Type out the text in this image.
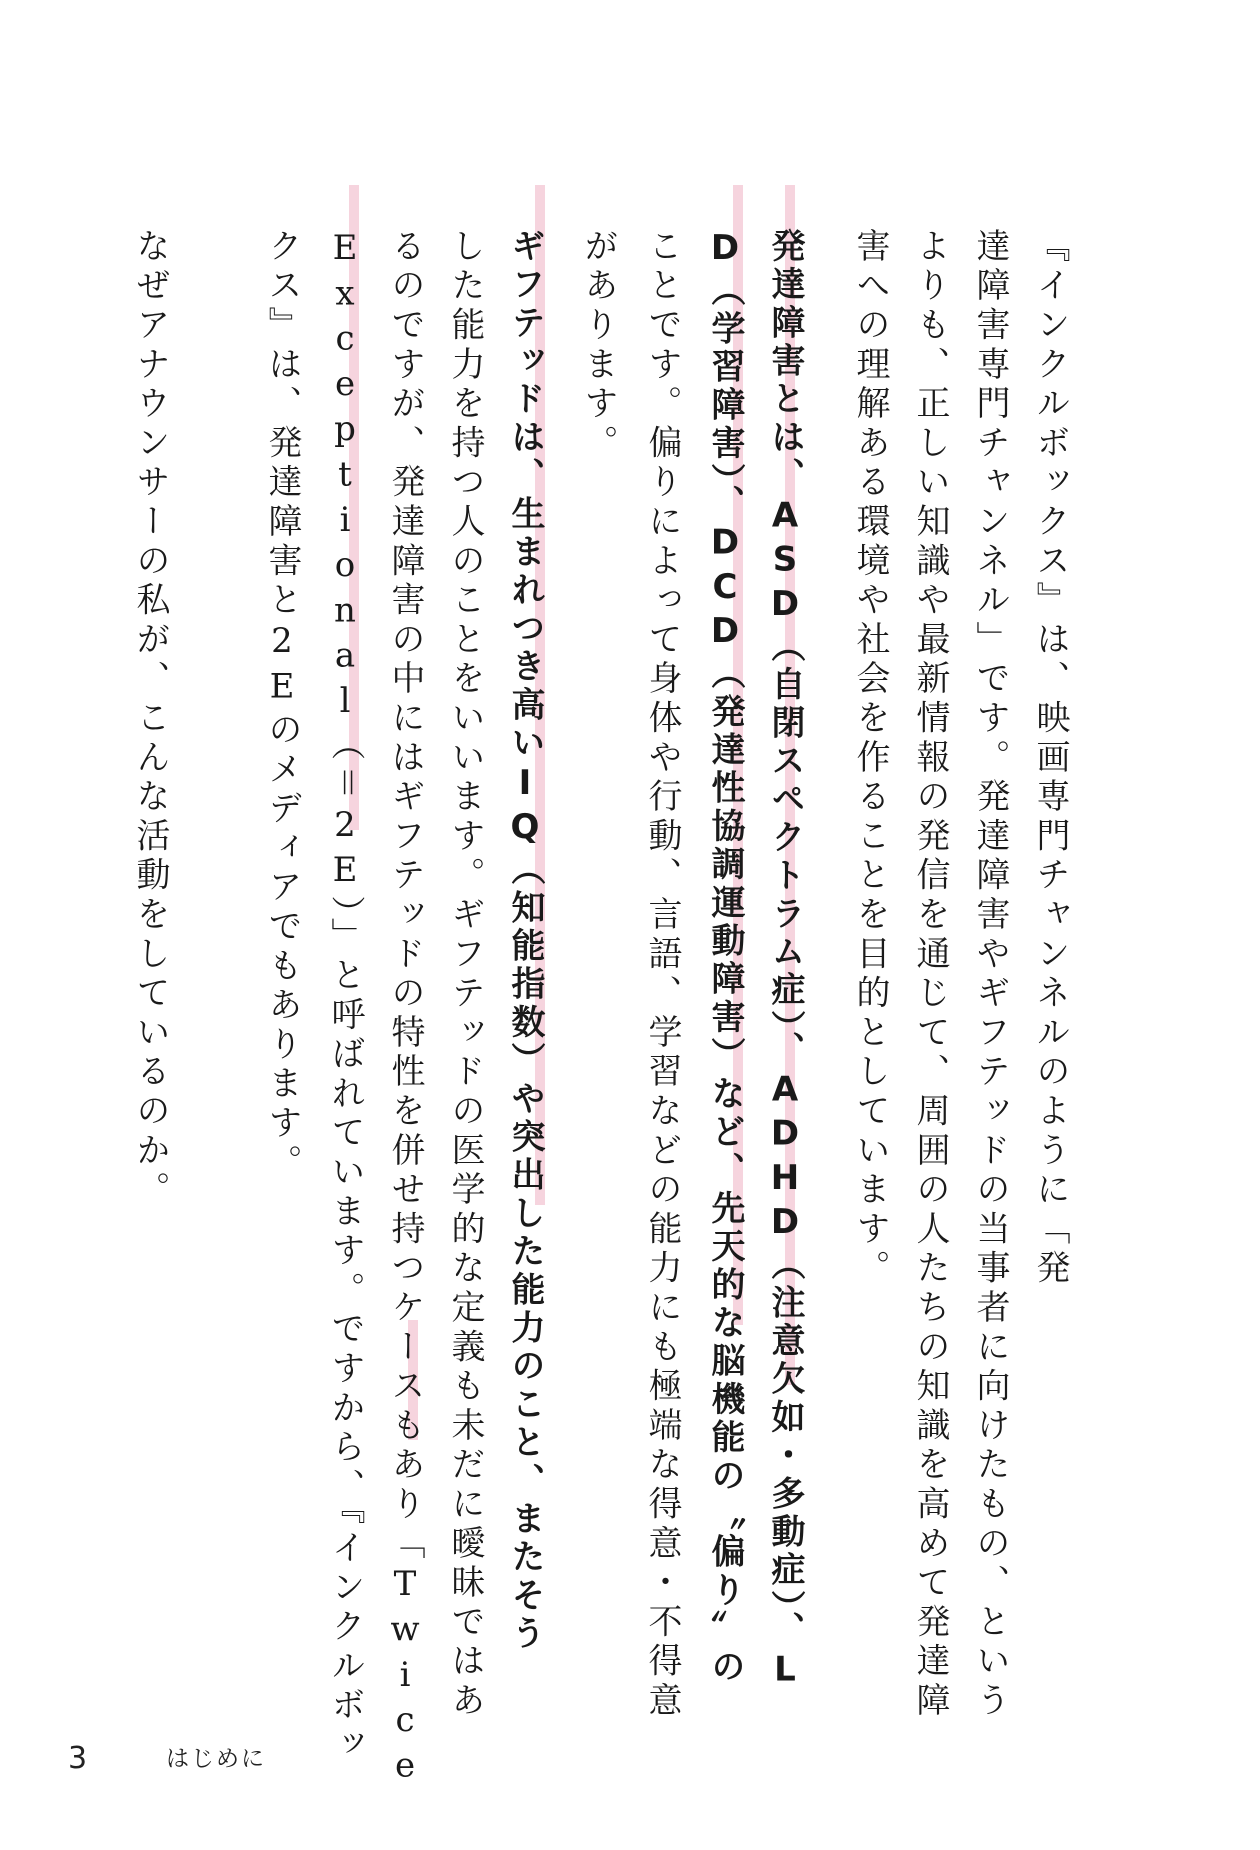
『インクルボックス』は、映画専門チャンネルのように「発
達障害専門チャンネル」です。発達障害やギフテッドの当事者に向けたもの、という
よりも、正しい知識や最新情報の発信を通じて、周囲の人たちの知識を高めて発達障
害への理解ある環境や社会を作ることを目的としています。
発達障害とは、ASD（自閉スペクトラム症）、ADHD（注意欠如・多動症）、L
D（学習障害）、DCD（発達性協調運動障害）など、先天的な脳機能の〝偏り〟の
ことです。偏りによって身体や行動、言語、学習などの能力にも極端な得意・不得意
があります。
ギフテッドは、生まれつき高いIQ（知能指数）や突出した能力のこと、またそう
した能力を持つ人のことをいいます。ギフテッドの医学的な定義も未だに曖昧ではあ
るのですが、発達障害の中にはギフテッドの特性を併せ持つケースもあり「Twice
Exceptional（＝2E）」と呼ばれています。ですから、『インクルボッ
クス』は、発達障害と2Eのメディアでもあります。
なぜアナウンサーの私が、こんな活動をしているのか。
3	はじめに
